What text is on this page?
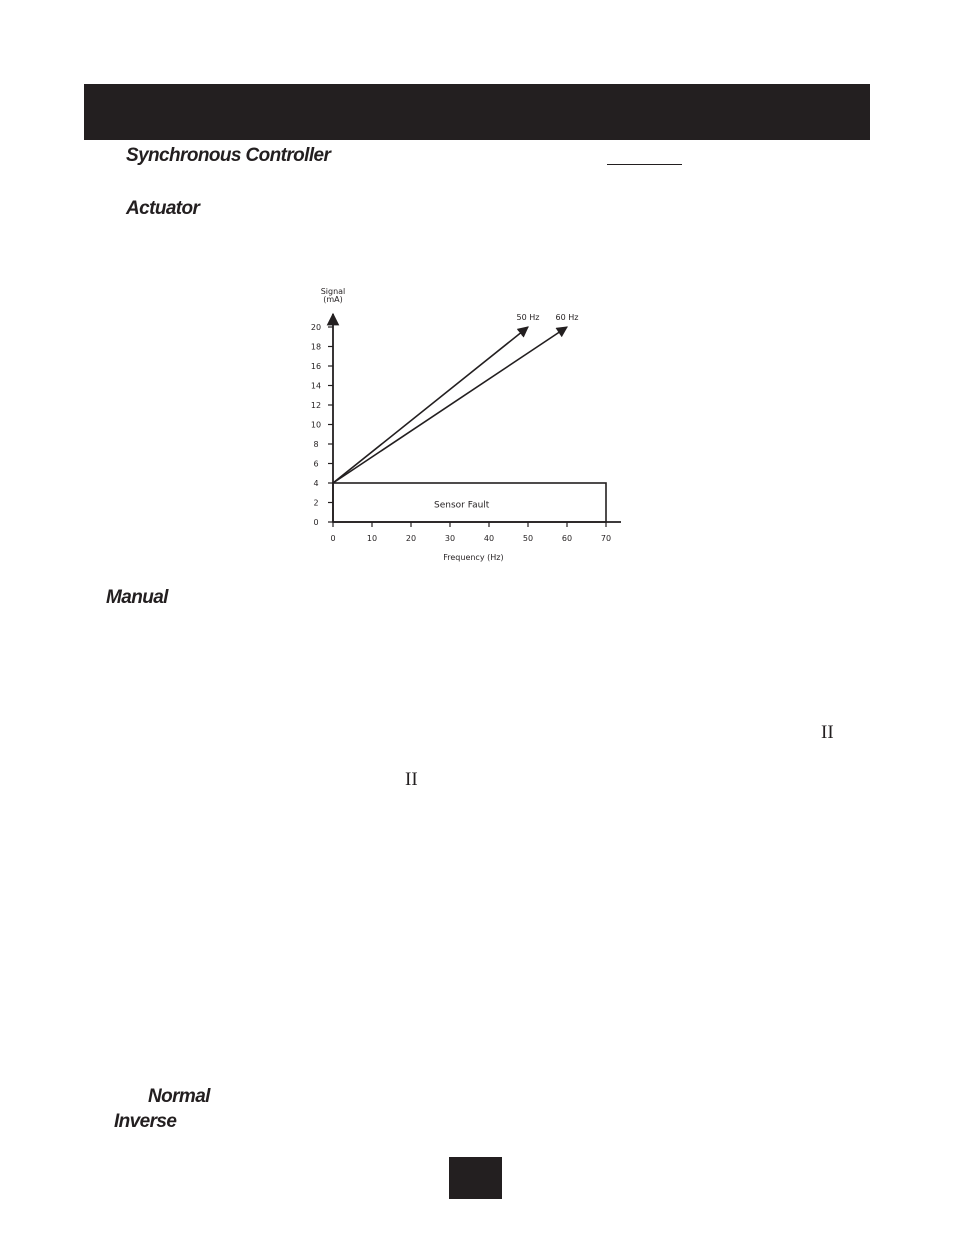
Synchronous Controller
Actuator
Sensor Fault
0	10	20	30	40	50	60	70
0
2
4
6
8
10
12
14
16
18
20
50 Hz 60 Hz
Signal
(mA)
Frequency (Hz)
Manual
II
II
Normal
Inverse
